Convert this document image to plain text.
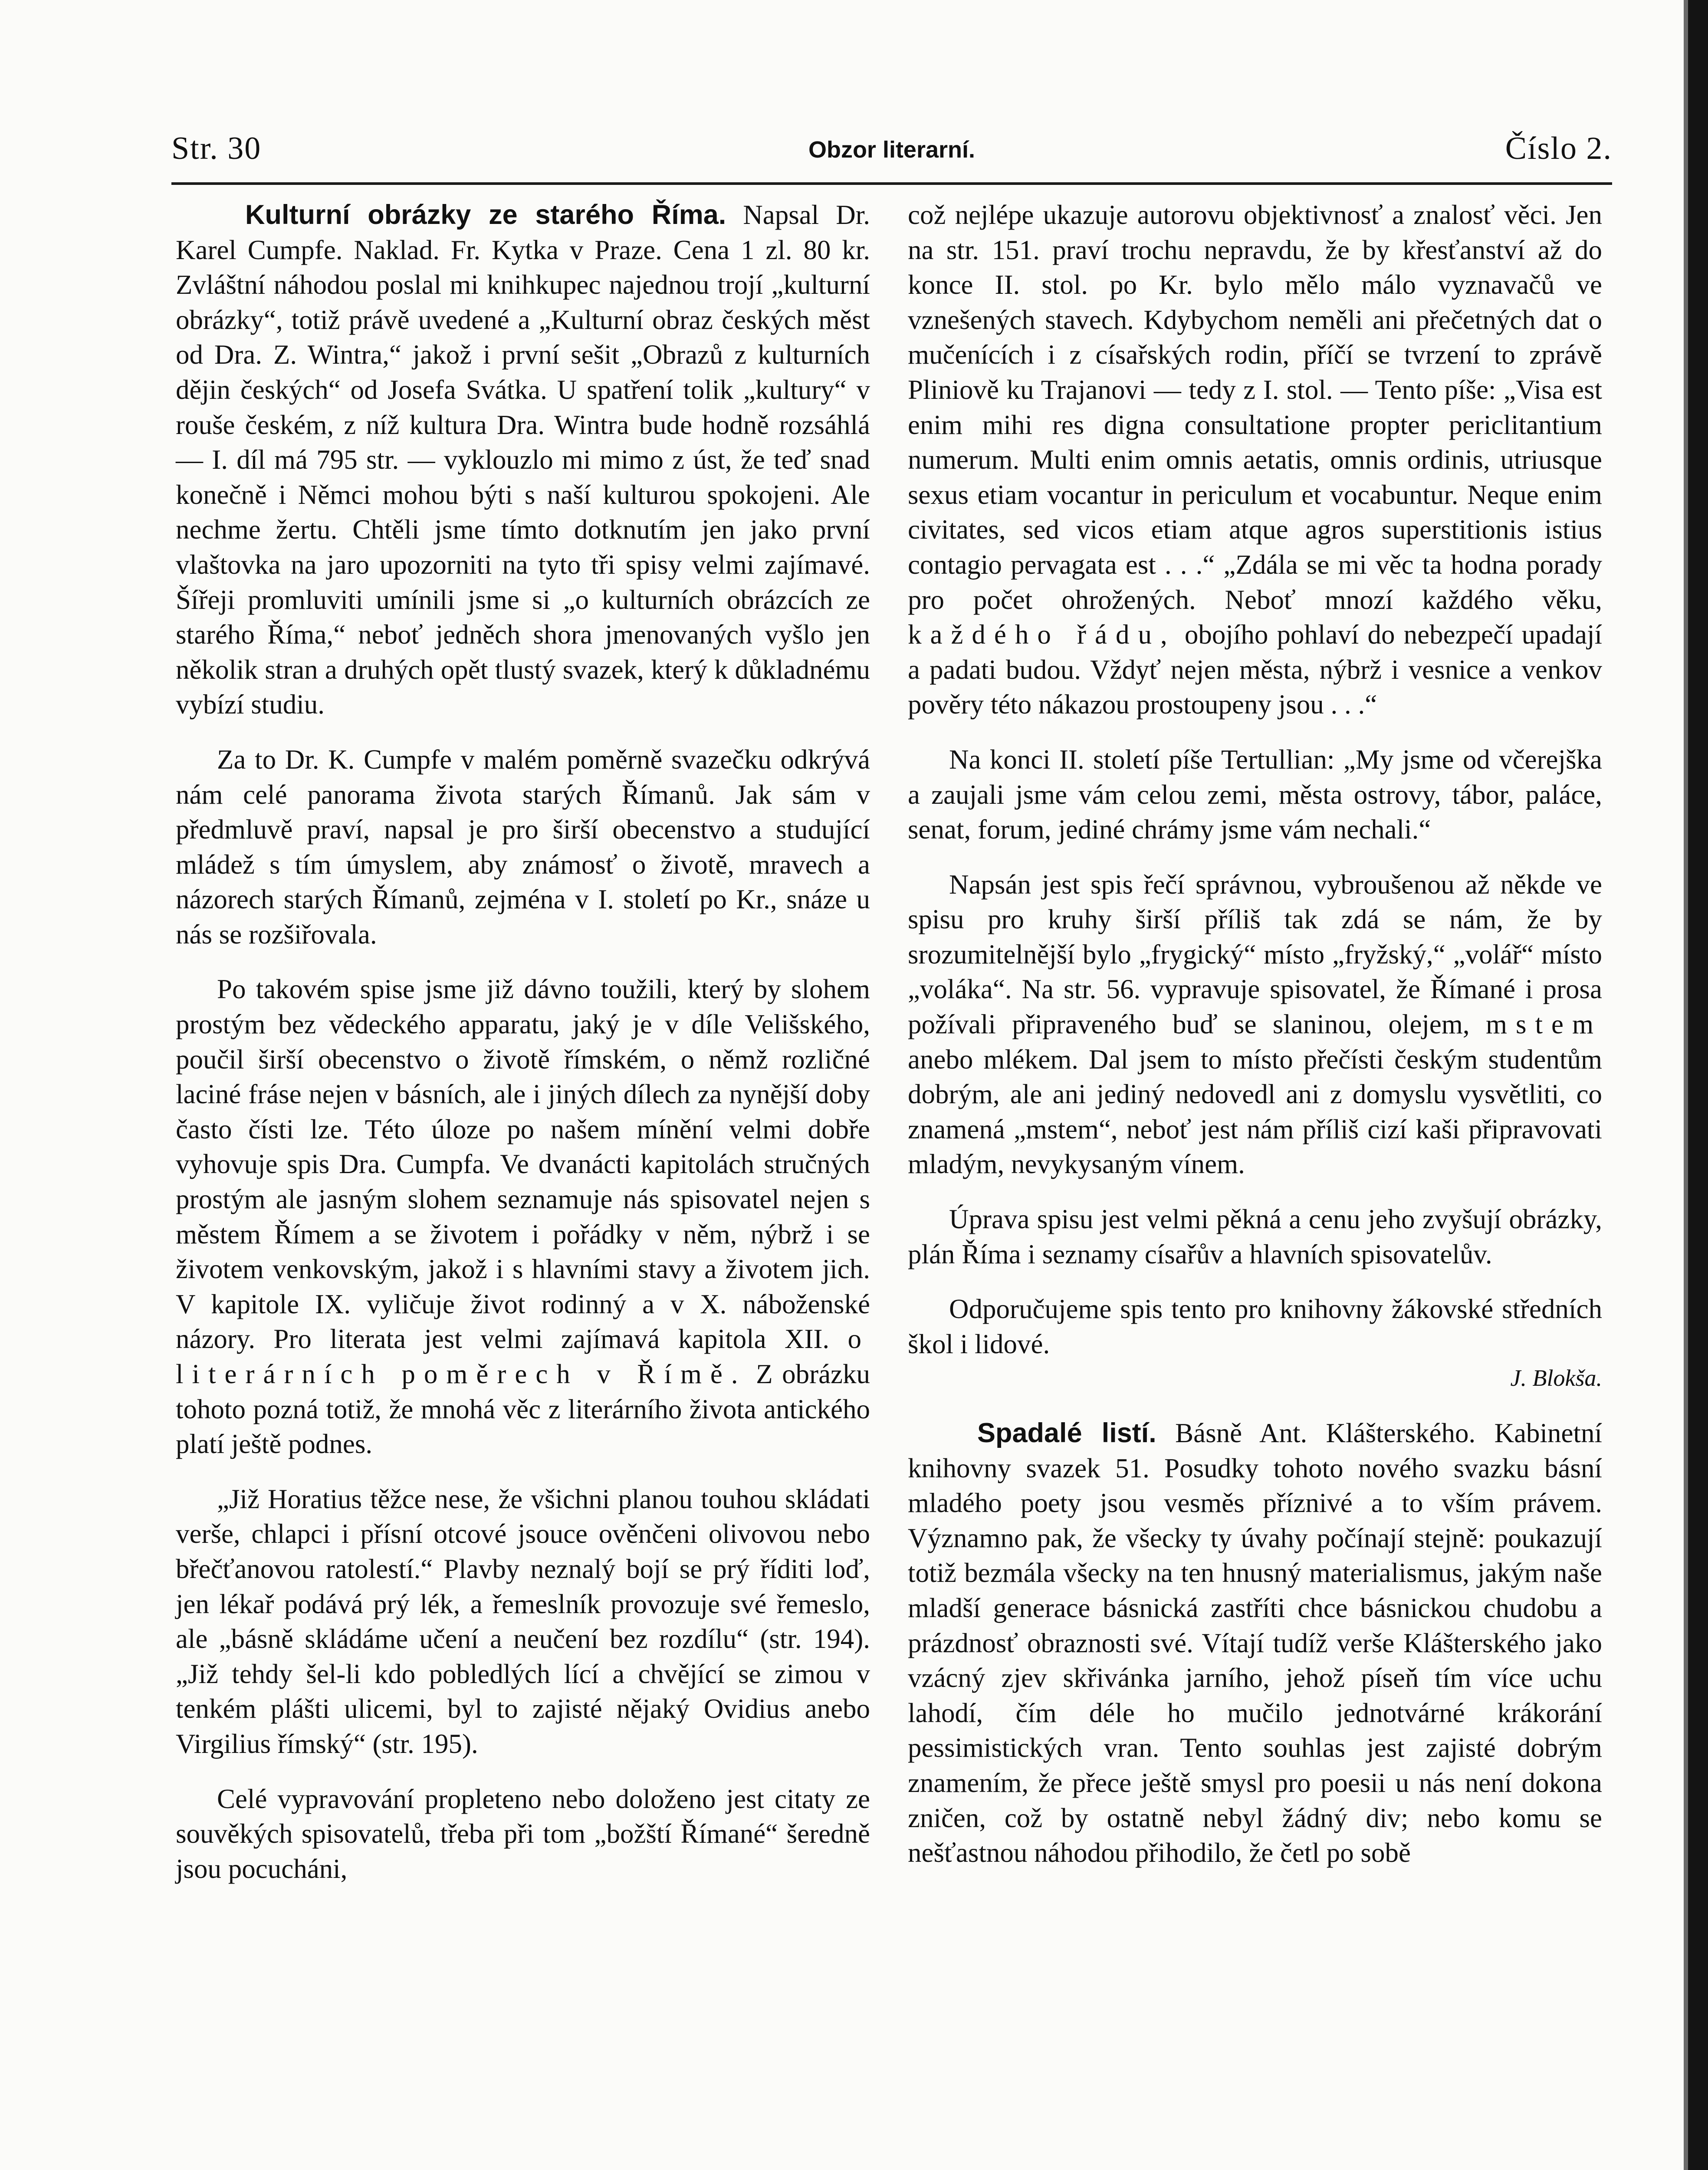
Str. 30	Obzor literarní.	Číslo 2.

Kulturní obrázky ze starého Říma. Napsal Dr. Karel Cumpfe. Naklad. Fr. Kytka v Praze. Cena 1 zl. 80 kr. Zvláštní náhodou poslal mi knihkupec najednou trojí „kulturní obrázky“, totiž právě uvedené a „Kulturní obraz českých měst od Dra. Z. Wintra,“ jakož i první sešit „Obrazů z kulturních dějin českých“ od Josefa Svátka. U spatření tolik „kultury“ v rouše českém, z níž kultura Dra. Wintra bude hodně rozsáhlá — I. díl má 795 str. — vyklouzlo mi mimo z úst, že teď snad konečně i Němci mohou býti s naší kulturou spokojeni. Ale nechme žertu. Chtěli jsme tímto dotknutím jen jako první vlaštovka na jaro upozorniti na tyto tři spisy velmi zajímavé. Šířeji promluviti umínili jsme si „o kulturních obrázcích ze starého Říma,“ neboť jedněch shora jmenovaných vyšlo jen několik stran a druhých opět tlustý svazek, který k důkladnému vybízí studiu.

Za to Dr. K. Cumpfe v malém poměrně svazečku odkrývá nám celé panorama života starých Římanů. Jak sám v předmluvě praví, napsal je pro širší obecenstvo a studující mládež s tím úmyslem, aby známosť o životě, mravech a názorech starých Římanů, zejména v I. století po Kr., snáze u nás se rozšiřovala.

Po takovém spise jsme již dávno toužili, který by slohem prostým bez vědeckého apparatu, jaký je v díle Velišského, poučil širší obecenstvo o životě římském, o němž rozličné laciné fráse nejen v básních, ale i jiných dílech za nynější doby často čísti lze. Této úloze po našem mínění velmi dobře vyhovuje spis Dra. Cumpfa. Ve dvanácti kapitolách stručných prostým ale jasným slohem seznamuje nás spisovatel nejen s městem Římem a se životem i pořádky v něm, nýbrž i se životem venkovským, jakož i s hlavními stavy a životem jich. V kapitole IX. vyličuje život rodinný a v X. náboženské názory. Pro literata jest velmi zajímavá kapitola XII. o literárních poměrech v Římě. Z obrázku tohoto pozná totiž, že mnohá věc z literárního života antického platí ještě podnes.

„Již Horatius těžce nese, že všichni planou touhou skládati verše, chlapci i přísní otcové jsouce ověnčeni olivovou nebo břečťanovou ratolestí.“ Plavby neznalý bojí se prý říditi loď, jen lékař podává prý lék, a řemeslník provozuje své řemeslo, ale „básně skládáme učení a neučení bez rozdílu“ (str. 194). „Již tehdy šel-li kdo pobledlých lící a chvějící se zimou v tenkém plášti ulicemi, byl to zajisté nějaký Ovidius anebo Virgilius římský“ (str. 195).

Celé vypravování propleteno nebo doloženo jest citaty ze souvěkých spisovatelů, třeba při tom „božští Římané“ šeredně jsou pocucháni,

což nejlépe ukazuje autorovu objektivnosť a znalosť věci. Jen na str. 151. praví trochu nepravdu, že by křesťanství až do konce II. stol. po Kr. bylo mělo málo vyznavačů ve vznešených stavech. Kdybychom neměli ani přečetných dat o mučenících i z císařských rodin, příčí se tvrzení to zprávě Pliniově ku Trajanovi — tedy z I. stol. — Tento píše: „Visa est enim mihi res digna consultatione propter periclitantium numerum. Multi enim omnis aetatis, omnis ordinis, utriusque sexus etiam vocantur in periculum et vocabuntur. Neque enim civitates, sed vicos etiam atque agros superstitionis istius contagio pervagata est . . .“ „Zdála se mi věc ta hodna porady pro počet ohrožených. Neboť mnozí každého věku, každého řádu, obojího pohlaví do nebezpečí upadají a padati budou. Vždyť nejen města, nýbrž i vesnice a venkov pověry této nákazou prostoupeny jsou . . .“

Na konci II. století píše Tertullian: „My jsme od včerejška a zaujali jsme vám celou zemi, města ostrovy, tábor, paláce, senat, forum, jediné chrámy jsme vám nechali.“

Napsán jest spis řečí správnou, vybroušenou až někde ve spisu pro kruhy širší příliš tak zdá se nám, že by srozumitelnější bylo „frygický“ místo „fryžský,“ „volář“ místo „voláka“. Na str. 56. vypravuje spisovatel, že Římané i prosa požívali připraveného buď se slaninou, olejem, mstem anebo mlékem. Dal jsem to místo přečísti českým studentům dobrým, ale ani jediný nedovedl ani z domyslu vysvětliti, co znamená „mstem“, neboť jest nám příliš cizí kaši připravovati mladým, nevykysaným vínem.

Úprava spisu jest velmi pěkná a cenu jeho zvyšují obrázky, plán Říma i seznamy císařův a hlavních spisovatelův.

Odporučujeme spis tento pro knihovny žákovské středních škol i lidové.

J. Blokša.

Spadalé listí. Básně Ant. Klášterského. Kabinetní knihovny svazek 51. Posudky tohoto nového svazku básní mladého poety jsou vesměs příznivé a to vším právem. Významno pak, že všecky ty úvahy počínají stejně: poukazují totiž bezmála všecky na ten hnusný materialismus, jakým naše mladší generace básnická zastříti chce básnickou chudobu a prázdnosť obraznosti své. Vítají tudíž verše Klášterského jako vzácný zjev skřivánka jarního, jehož píseň tím více uchu lahodí, čím déle ho mučilo jednotvárné krákorání pessimistických vran. Tento souhlas jest zajisté dobrým znamením, že přece ještě smysl pro poesii u nás není dokona zničen, což by ostatně nebyl žádný div; nebo komu se nešťastnou náhodou přihodilo, že četl po sobě
